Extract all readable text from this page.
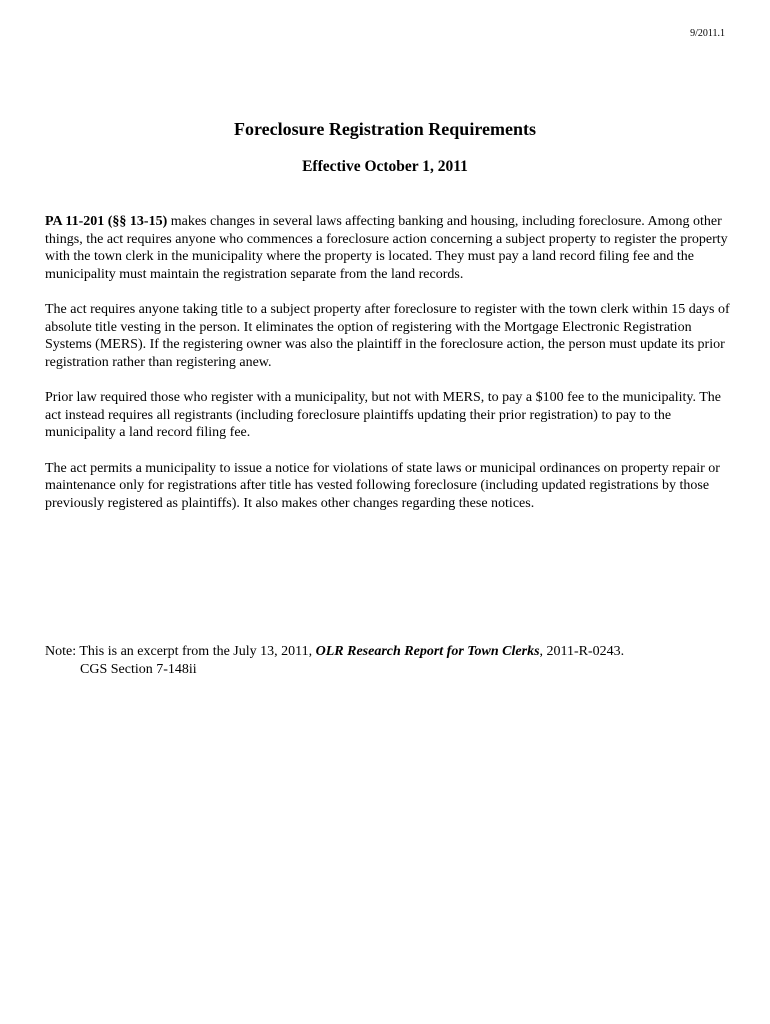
9/2011.1
Foreclosure Registration Requirements
Effective October 1, 2011

PA 11-201 (§§ 13-15) makes changes in several laws affecting banking and housing, including foreclosure. Among other things, the act requires anyone who commences a foreclosure action concerning a subject property to register the property with the town clerk in the municipality where the property is located. They must pay a land record filing fee and the municipality must maintain the registration separate from the land records.

The act requires anyone taking title to a subject property after foreclosure to register with the town clerk within 15 days of absolute title vesting in the person. It eliminates the option of registering with the Mortgage Electronic Registration Systems (MERS). If the registering owner was also the plaintiff in the foreclosure action, the person must update its prior registration rather than registering anew.

Prior law required those who register with a municipality, but not with MERS, to pay a $100 fee to the municipality. The act instead requires all registrants (including foreclosure plaintiffs updating their prior registration) to pay to the municipality a land record filing fee.

The act permits a municipality to issue a notice for violations of state laws or municipal ordinances on property repair or maintenance only for registrations after title has vested following foreclosure (including updated registrations by those previously registered as plaintiffs). It also makes other changes regarding these notices.

Note: This is an excerpt from the July 13, 2011, OLR Research Report for Town Clerks, 2011-R-0243.
CGS Section 7-148ii
